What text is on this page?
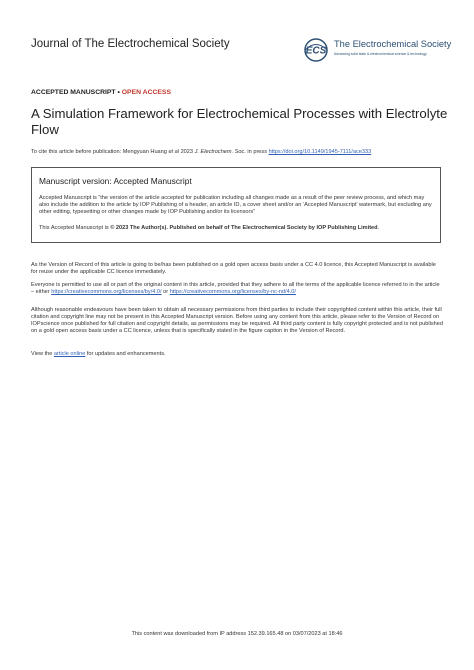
Journal of The Electrochemical Society
ECS
The Electrochemical Society
Advancing solid state & electrochemical science & technology
ACCEPTED MANUSCRIPT • OPEN ACCESS
A Simulation Framework for Electrochemical Processes with Electrolyte Flow
To cite this article before publication: Mengyuan Huang et al 2023 J. Electrochem. Soc. in press https://doi.org/10.1149/1945-7111/ace333
Manuscript version: Accepted Manuscript
Accepted Manuscript is “the version of the article accepted for publication including all changes made as a result of the peer review process, and which may also include the addition to the article by IOP Publishing of a header, an article ID, a cover sheet and/or an ‘Accepted Manuscript’ watermark, but excluding any other editing, typesetting or other changes made by IOP Publishing and/or its licensors”
This Accepted Manuscript is © 2023 The Author(s). Published on behalf of The Electrochemical Society by IOP Publishing Limited.
As the Version of Record of this article is going to be/has been published on a gold open access basis under a CC 4.0 licence, this Accepted Manuscript is available for reuse under the applicable CC licence immediately.
Everyone is permitted to use all or part of the original content in this article, provided that they adhere to all the terms of the applicable licence referred to in the article – either https://creativecommons.org/licenses/by/4.0/ or https://creativecommons.org/licenses/by-nc-nd/4.0/
Although reasonable endeavours have been taken to obtain all necessary permissions from third parties to include their copyrighted content within this article, their full citation and copyright line may not be present in this Accepted Manuscript version. Before using any content from this article, please refer to the Version of Record on IOPscience once published for full citation and copyright details, as permissions may be required. All third party content is fully copyright protected and is not published on a gold open access basis under a CC licence, unless that is specifically stated in the figure caption in the Version of Record.
View the article online for updates and enhancements.
This content was downloaded from IP address 152.39.165.48 on 03/07/2023 at 18:46
